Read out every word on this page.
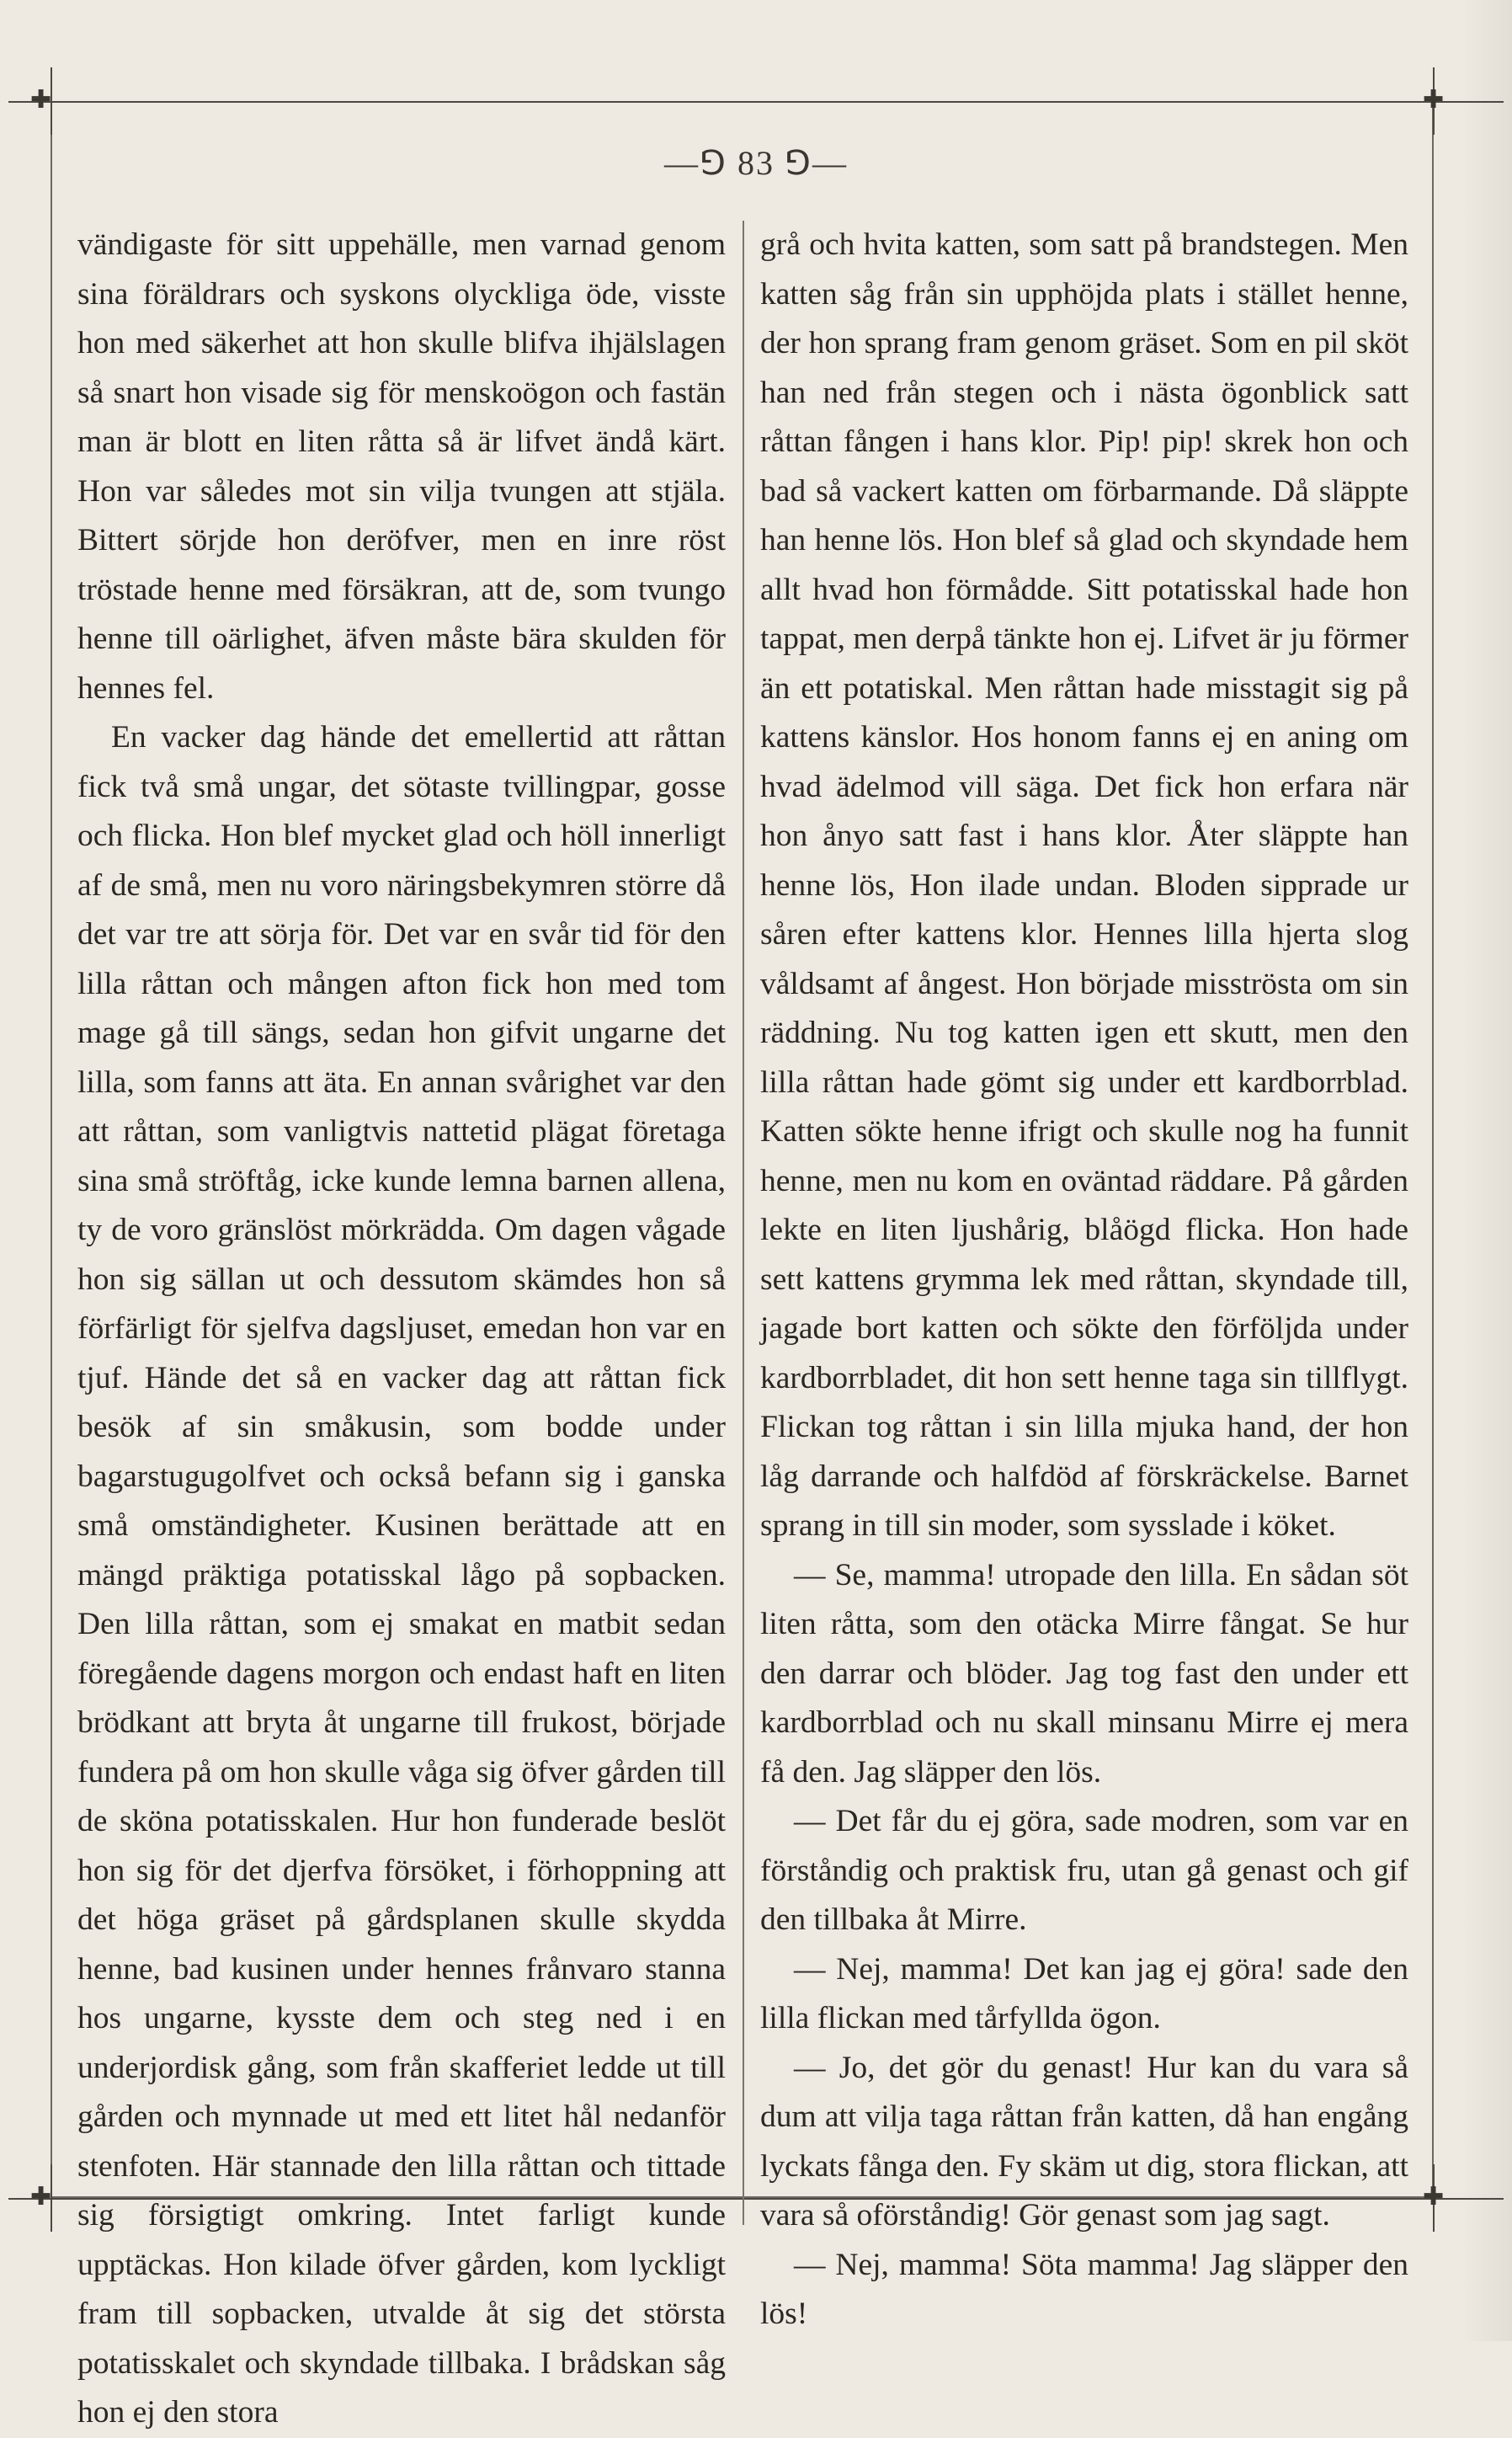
✚	✚
✚	✚
—⅁ 83 ⅁—

vändigaste för sitt uppehälle, men varnad genom sina föräldrars och syskons olyckliga öde, visste hon med säkerhet att hon skulle blifva ihjälslagen så snart hon visade sig för menskoögon och fastän man är blott en liten råtta så är lifvet ändå kärt. Hon var således mot sin vilja tvungen att stjäla. Bittert sörjde hon deröfver, men en inre röst tröstade henne med försäkran, att de, som tvungo henne till oärlighet, äfven måste bära skulden för hennes fel.

En vacker dag hände det emellertid att råttan fick två små ungar, det sötaste tvillingpar, gosse och flicka. Hon blef mycket glad och höll innerligt af de små, men nu voro näringsbekymren större då det var tre att sörja för. Det var en svår tid för den lilla råttan och mången afton fick hon med tom mage gå till sängs, sedan hon gifvit ungarne det lilla, som fanns att äta. En annan svårighet var den att råttan, som vanligtvis nattetid plägat företaga sina små ströftåg, icke kunde lemna barnen allena, ty de voro gränslöst mörkrädda. Om dagen vågade hon sig sällan ut och dessutom skämdes hon så förfärligt för sjelfva dagsljuset, emedan hon var en tjuf. Hände det så en vacker dag att råttan fick besök af sin småkusin, som bodde under bagarstugugolfvet och också befann sig i ganska små omständigheter. Kusinen berättade att en mängd präktiga potatisskal lågo på sopbacken. Den lilla råttan, som ej smakat en matbit sedan föregående dagens morgon och endast haft en liten brödkant att bryta åt ungarne till frukost, började fundera på om hon skulle våga sig öfver gården till de sköna potatisskalen. Hur hon funderade beslöt hon sig för det djerfva försöket, i förhoppning att det höga gräset på gårdsplanen skulle skydda henne, bad kusinen under hennes frånvaro stanna hos ungarne, kysste dem och steg ned i en underjordisk gång, som från skafferiet ledde ut till gården och mynnade ut med ett litet hål nedanför stenfoten. Här stannade den lilla råttan och tittade sig försigtigt omkring. Intet farligt kunde upptäckas. Hon kilade öfver gården, kom lyckligt fram till sopbacken, utvalde åt sig det största potatisskalet och skyndade tillbaka. I brådskan såg hon ej den stora

grå och hvita katten, som satt på brandstegen. Men katten såg från sin upphöjda plats i stället henne, der hon sprang fram genom gräset. Som en pil sköt han ned från stegen och i nästa ögonblick satt råttan fången i hans klor. Pip! pip! skrek hon och bad så vackert katten om förbarmande. Då släppte han henne lös. Hon blef så glad och skyndade hem allt hvad hon förmådde. Sitt potatisskal hade hon tappat, men derpå tänkte hon ej. Lifvet är ju förmer än ett potatiskal. Men råttan hade misstagit sig på kattens känslor. Hos honom fanns ej en aning om hvad ädelmod vill säga. Det fick hon erfara när hon ånyo satt fast i hans klor. Åter släppte han henne lös, Hon ilade undan. Bloden sipprade ur såren efter kattens klor. Hennes lilla hjerta slog våldsamt af ångest. Hon började misströsta om sin räddning. Nu tog katten igen ett skutt, men den lilla råttan hade gömt sig under ett kardborrblad. Katten sökte henne ifrigt och skulle nog ha funnit henne, men nu kom en oväntad räddare. På gården lekte en liten ljushårig, blåögd flicka. Hon hade sett kattens grymma lek med råttan, skyndade till, jagade bort katten och sökte den förföljda under kardborrbladet, dit hon sett henne taga sin tillflygt. Flickan tog råttan i sin lilla mjuka hand, der hon låg darrande och halfdöd af förskräckelse. Barnet sprang in till sin moder, som sysslade i köket.

— Se, mamma! utropade den lilla. En sådan söt liten råtta, som den otäcka Mirre fångat. Se hur den darrar och blöder. Jag tog fast den under ett kardborrblad och nu skall minsanu Mirre ej mera få den. Jag släpper den lös.

— Det får du ej göra, sade modren, som var en förståndig och praktisk fru, utan gå genast och gif den tillbaka åt Mirre.

— Nej, mamma! Det kan jag ej göra! sade den lilla flickan med tårfyllda ögon.

— Jo, det gör du genast! Hur kan du vara så dum att vilja taga råttan från katten, då han engång lyckats fånga den. Fy skäm ut dig, stora flickan, att vara så oförståndig! Gör genast som jag sagt.

— Nej, mamma! Söta mamma! Jag släpper den lös!
